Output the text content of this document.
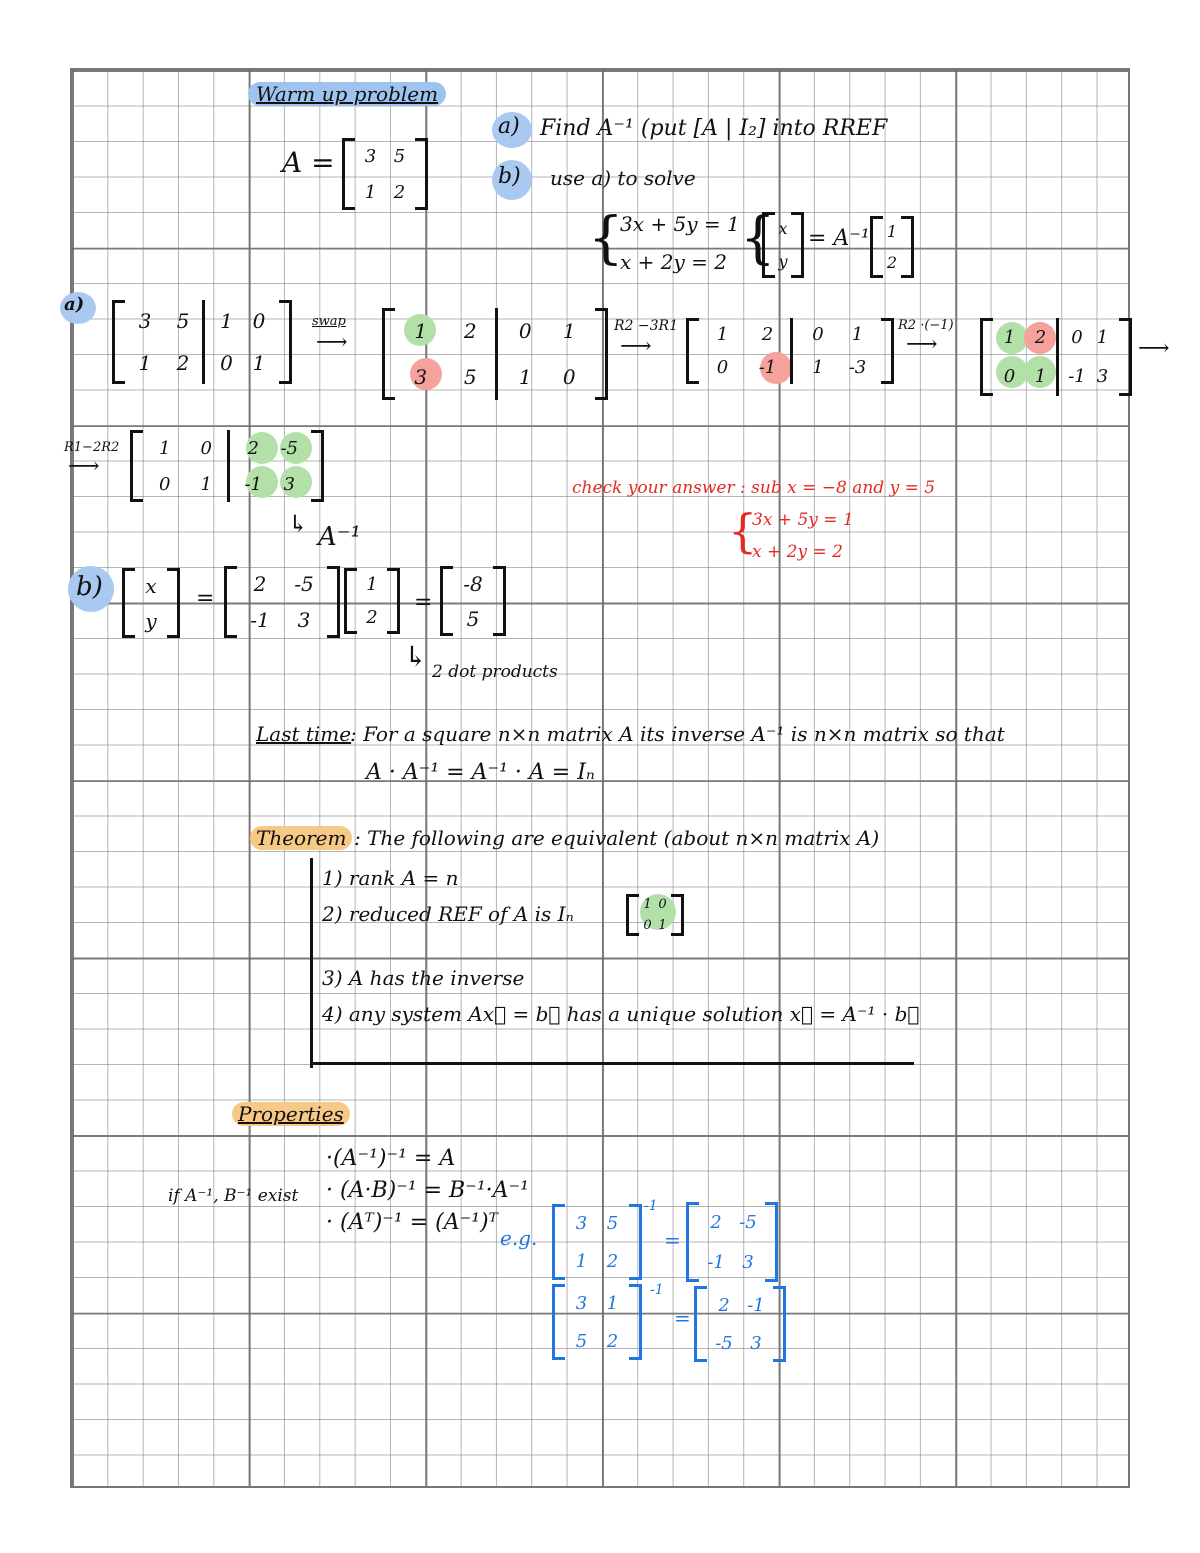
Warm up problem
A = 3 5
1 2
a) Find A⁻¹ (put [A | I₂] into RREF
b) use a) to solve
{
3x + 5y = 1
x + 2y = 2 { x
y
= A⁻¹ 1
2
a)
3 5	1 0
1 2	0 1
swap
⟶	1 2	0	1
3 5	1	0
R2 −3R1
⟶	1 2	0	1
0 -1	1	-3
R2 ·(−1)
⟶	1 2	0 1
0 1	-1 3
⟶
R1−2R2
⟶
1 0	2	-5
0 1	-1	3
↳ A⁻¹
check your answer : sub x = −8 and y = 5
{
3x + 5y = 1
x + 2y = 2
b) x
y
=
2 -5
-1 3
1
2
=
-8
5
↳ 2 dot products
Last time
: For a square n×n matrix A its inverse A⁻¹ is n×n matrix so that
A · A⁻¹ = A⁻¹ · A = Iₙ
Theorem : The following are equivalent (about n×n matrix A)
1) rank A = n
2) reduced REF of A is Iₙ	1 0
0 1
3) A has the inverse
4) any system Ax⃗ = b⃗ has a unique solution x⃗ = A⁻¹ · b⃗
Properties
if A⁻¹, B⁻¹ exist
·(A⁻¹)⁻¹ = A
· (A·B)⁻¹ = B⁻¹·A⁻¹
· (Aᵀ)⁻¹ = (A⁻¹)ᵀ
e.g.
3 5
1 2
-1
=
2 -5
-1 3
3 1
5 2
-1
=
2 -1
-5 3
